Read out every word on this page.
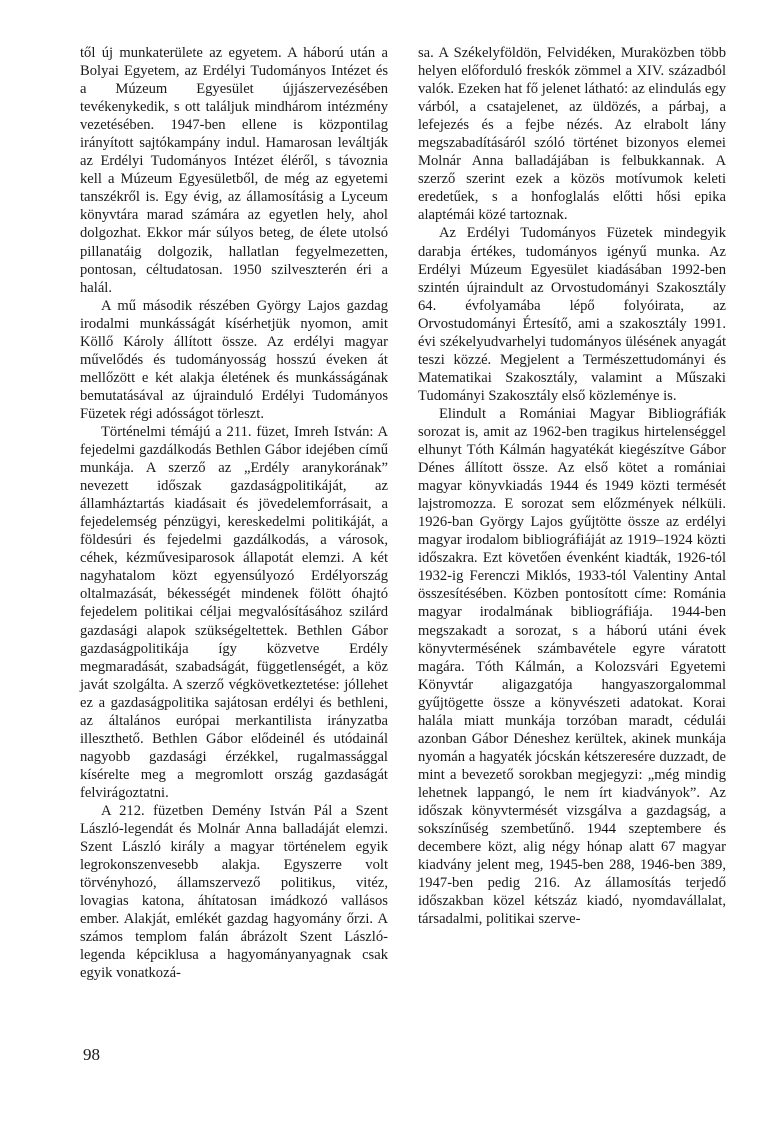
től új munkaterülete az egyetem. A háború után a Bolyai Egyetem, az Erdélyi Tudományos Intézet és a Múzeum Egyesület újjászervezésében tevékenykedik, s ott találjuk mindhárom intézmény vezetésében. 1947-ben ellene is központilag irányított sajtókampány indul. Hamarosan leváltják az Erdélyi Tudományos Intézet éléről, s távoznia kell a Múzeum Egyesületből, de még az egyetemi tanszékről is. Egy évig, az államosításig a Lyceum könyvtára marad számára az egyetlen hely, ahol dolgozhat. Ekkor már súlyos beteg, de élete utolsó pillanatáig dolgozik, hallatlan fegyelmezetten, pontosan, céltudatosan. 1950 szilveszterén éri a halál.

A mű második részében György Lajos gazdag irodalmi munkásságát kísérhetjük nyomon, amit Köllő Károly állított össze. Az erdélyi magyar művelődés és tudományosság hosszú éveken át mellőzött e két alakja életének és munkásságának bemutatásával az újrainduló Erdélyi Tudományos Füzetek régi adósságot törleszt.

Történelmi témájú a 211. füzet, Imreh István: A fejedelmi gazdálkodás Bethlen Gábor idejében című munkája. A szerző az „Erdély aranykorának” nevezett időszak gazdaságpolitikáját, az államháztartás kiadásait és jövedelemforrásait, a fejedelemség pénzügyi, kereskedelmi politikáját, a földesúri és fejedelmi gazdálkodás, a városok, céhek, kézművesiparosok állapotát elemzi. A két nagyhatalom közt egyensúlyozó Erdélyország oltalmazását, békességét mindenek fölött óhajtó fejedelem politikai céljai megvalósításához szilárd gazdasági alapok szükségeltettek. Bethlen Gábor gazdaságpolitikája így közvetve Erdély megmaradását, szabadságát, függetlenségét, a köz javát szolgálta. A szerző végkövetkeztetése: jóllehet ez a gazdaságpolitika sajátosan erdélyi és bethleni, az általános európai merkantilista irányzatba illeszthető. Bethlen Gábor elődeinél és utódainál nagyobb gazdasági érzékkel, rugalmassággal kísérelte meg a megromlott ország gazdaságát felvirágoztatni.

A 212. füzetben Demény István Pál a Szent László-legendát és Molnár Anna balladáját elemzi. Szent László király a magyar történelem egyik legrokonszenvesebb alakja. Egyszerre volt törvényhozó, államszervező politikus, vitéz, lovagias katona, áhítatosan imádkozó vallásos ember. Alakját, emlékét gazdag hagyomány őrzi. A számos templom falán ábrázolt Szent László-legenda képciklusa a hagyományanyagnak csak egyik vonatkozá-

sa. A Székelyföldön, Felvidéken, Muraközben több helyen előforduló freskók zömmel a XIV. századból valók. Ezeken hat fő jelenet látható: az elindulás egy várból, a csatajelenet, az üldözés, a párbaj, a lefejezés és a fejbe nézés. Az elrabolt lány megszabadításáról szóló történet bizonyos elemei Molnár Anna balladájában is felbukkannak. A szerző szerint ezek a közös motívumok keleti eredetűek, s a honfoglalás előtti hősi epika alaptémái közé tartoznak.

Az Erdélyi Tudományos Füzetek mindegyik darabja értékes, tudományos igényű munka. Az Erdélyi Múzeum Egyesület kiadásában 1992-ben szintén újraindult az Orvostudományi Szakosztály 64. évfolyamába lépő folyóirata, az Orvostudományi Értesítő, ami a szakosztály 1991. évi székelyudvarhelyi tudományos ülésének anyagát teszi közzé. Megjelent a Természettudományi és Matematikai Szakosztály, valamint a Műszaki Tudományi Szakosztály első közleménye is.

Elindult a Romániai Magyar Bibliográfiák sorozat is, amit az 1962-ben tragikus hirtelenséggel elhunyt Tóth Kálmán hagyatékát kiegészítve Gábor Dénes állított össze. Az első kötet a romániai magyar könyvkiadás 1944 és 1949 közti termését lajstromozza. E sorozat sem előzmények nélküli. 1926-ban György Lajos gyűjtötte össze az erdélyi magyar irodalom bibliográfiáját az 1919–1924 közti időszakra. Ezt követően évenként kiadták, 1926-tól 1932-ig Ferenczi Miklós, 1933-tól Valentiny Antal összesítésében. Közben pontosított címe: Románia magyar irodalmának bibliográfiája. 1944-ben megszakadt a sorozat, s a háború utáni évek könyvtermésének számbavétele egyre váratott magára. Tóth Kálmán, a Kolozsvári Egyetemi Könyvtár aligazgatója hangyaszorgalommal gyűjtögette össze a könyvészeti adatokat. Korai halála miatt munkája torzóban maradt, cédulái azonban Gábor Déneshez kerültek, akinek munkája nyomán a hagyaték jócskán kétszeresére duzzadt, de mint a bevezető sorokban megjegyzi: „még mindig lehetnek lappangó, le nem írt kiadványok”. Az időszak könyvtermését vizsgálva a gazdagság, a sokszínűség szembetűnő. 1944 szeptembere és decembere közt, alig négy hónap alatt 67 magyar kiadvány jelent meg, 1945-ben 288, 1946-ben 389, 1947-ben pedig 216. Az államosítás terjedő időszakban közel kétszáz kiadó, nyomdavállalat, társadalmi, politikai szerve-

98
